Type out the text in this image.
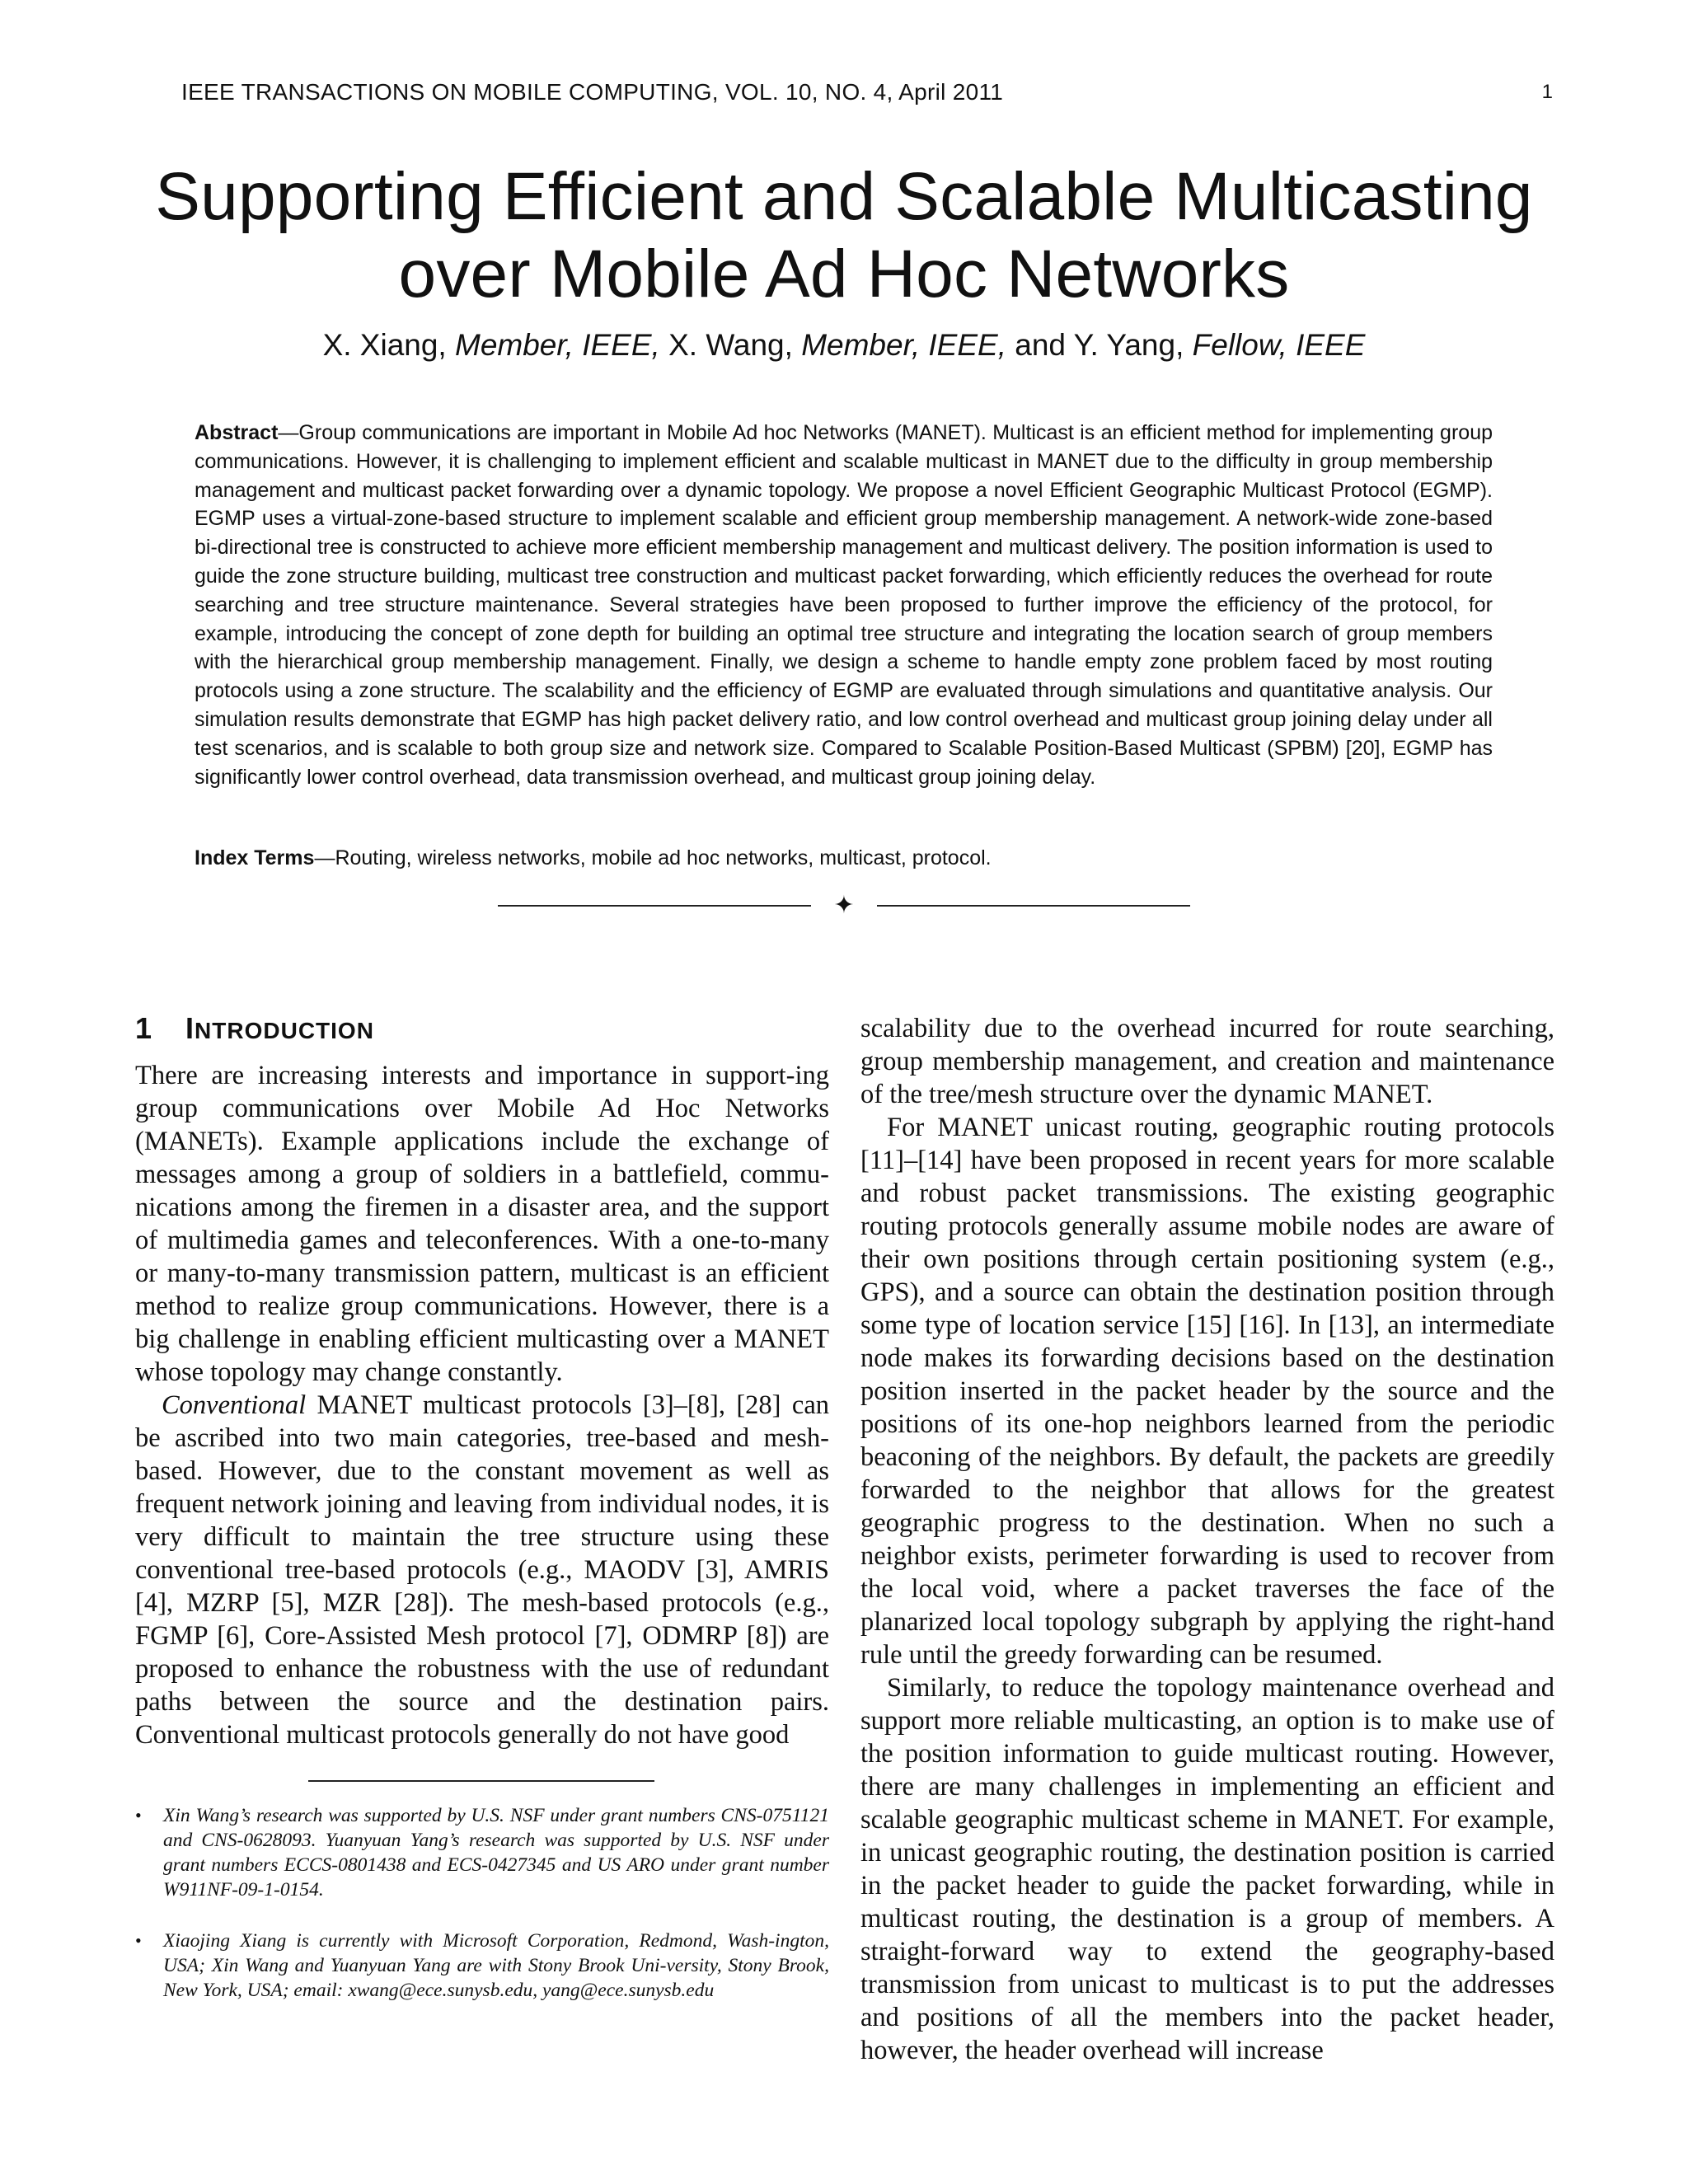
IEEE TRANSACTIONS ON MOBILE COMPUTING, VOL. 10, NO. 4, April 2011	1
Supporting Efficient and Scalable Multicasting
over Mobile Ad Hoc Networks
X. Xiang, Member, IEEE, X. Wang, Member, IEEE, and Y. Yang, Fellow, IEEE
Abstract—Group communications are important in Mobile Ad hoc Networks (MANET). Multicast is an efficient method for implementing group communications. However, it is challenging to implement efficient and scalable multicast in MANET due to the difficulty in group membership management and multicast packet forwarding over a dynamic topology. We propose a novel Efficient Geographic Multicast Protocol (EGMP). EGMP uses a virtual-zone-based structure to implement scalable and efficient group membership management. A network-wide zone-based bi-directional tree is constructed to achieve more efficient membership management and multicast delivery. The position information is used to guide the zone structure building, multicast tree construction and multicast packet forwarding, which efficiently reduces the overhead for route searching and tree structure maintenance. Several strategies have been proposed to further improve the efficiency of the protocol, for example, introducing the concept of zone depth for building an optimal tree structure and integrating the location search of group members with the hierarchical group membership management. Finally, we design a scheme to handle empty zone problem faced by most routing protocols using a zone structure. The scalability and the efficiency of EGMP are evaluated through simulations and quantitative analysis. Our simulation results demonstrate that EGMP has high packet delivery ratio, and low control overhead and multicast group joining delay under all test scenarios, and is scalable to both group size and network size. Compared to Scalable Position-Based Multicast (SPBM) [20], EGMP has significantly lower control overhead, data transmission overhead, and multicast group joining delay.
Index Terms—Routing, wireless networks, mobile ad hoc networks, multicast, protocol.
✦
1 INTRODUCTION

There are increasing interests and importance in support-ing group communications over Mobile Ad Hoc Networks (MANETs). Example applications include the exchange of messages among a group of soldiers in a battlefield, commu-nications among the firemen in a disaster area, and the support of multimedia games and teleconferences. With a one-to-many or many-to-many transmission pattern, multicast is an efficient method to realize group communications. However, there is a big challenge in enabling efficient multicasting over a MANET whose topology may change constantly.

Conventional MANET multicast protocols [3]–[8], [28] can be ascribed into two main categories, tree-based and mesh-based. However, due to the constant movement as well as frequent network joining and leaving from individual nodes, it is very difficult to maintain the tree structure using these conventional tree-based protocols (e.g., MAODV [3], AMRIS [4], MZRP [5], MZR [28]). The mesh-based protocols (e.g., FGMP [6], Core-Assisted Mesh protocol [7], ODMRP [8]) are proposed to enhance the robustness with the use of redundant paths between the source and the destination pairs. Conventional multicast protocols generally do not have good

scalability due to the overhead incurred for route searching, group membership management, and creation and maintenance of the tree/mesh structure over the dynamic MANET.

For MANET unicast routing, geographic routing protocols [11]–[14] have been proposed in recent years for more scalable and robust packet transmissions. The existing geographic routing protocols generally assume mobile nodes are aware of their own positions through certain positioning system (e.g., GPS), and a source can obtain the destination position through some type of location service [15] [16]. In [13], an intermediate node makes its forwarding decisions based on the destination position inserted in the packet header by the source and the positions of its one-hop neighbors learned from the periodic beaconing of the neighbors. By default, the packets are greedily forwarded to the neighbor that allows for the greatest geographic progress to the destination. When no such a neighbor exists, perimeter forwarding is used to recover from the local void, where a packet traverses the face of the planarized local topology subgraph by applying the right-hand rule until the greedy forwarding can be resumed.

Similarly, to reduce the topology maintenance overhead and support more reliable multicasting, an option is to make use of the position information to guide multicast routing. However, there are many challenges in implementing an efficient and scalable geographic multicast scheme in MANET. For example, in unicast geographic routing, the destination position is carried in the packet header to guide the packet forwarding, while in multicast routing, the destination is a group of members. A straight-forward way to extend the geography-based transmission from unicast to multicast is to put the addresses and positions of all the members into the packet header, however, the header overhead will increase

• Xin Wang’s research was supported by U.S. NSF under grant numbers CNS-0751121 and CNS-0628093. Yuanyuan Yang’s research was supported by U.S. NSF under grant numbers ECCS-0801438 and ECS-0427345 and US ARO under grant number W911NF-09-1-0154.
• Xiaojing Xiang is currently with Microsoft Corporation, Redmond, Wash-ington, USA; Xin Wang and Yuanyuan Yang are with Stony Brook Uni-versity, Stony Brook, New York, USA; email: xwang@ece.sunysb.edu, yang@ece.sunysb.edu
